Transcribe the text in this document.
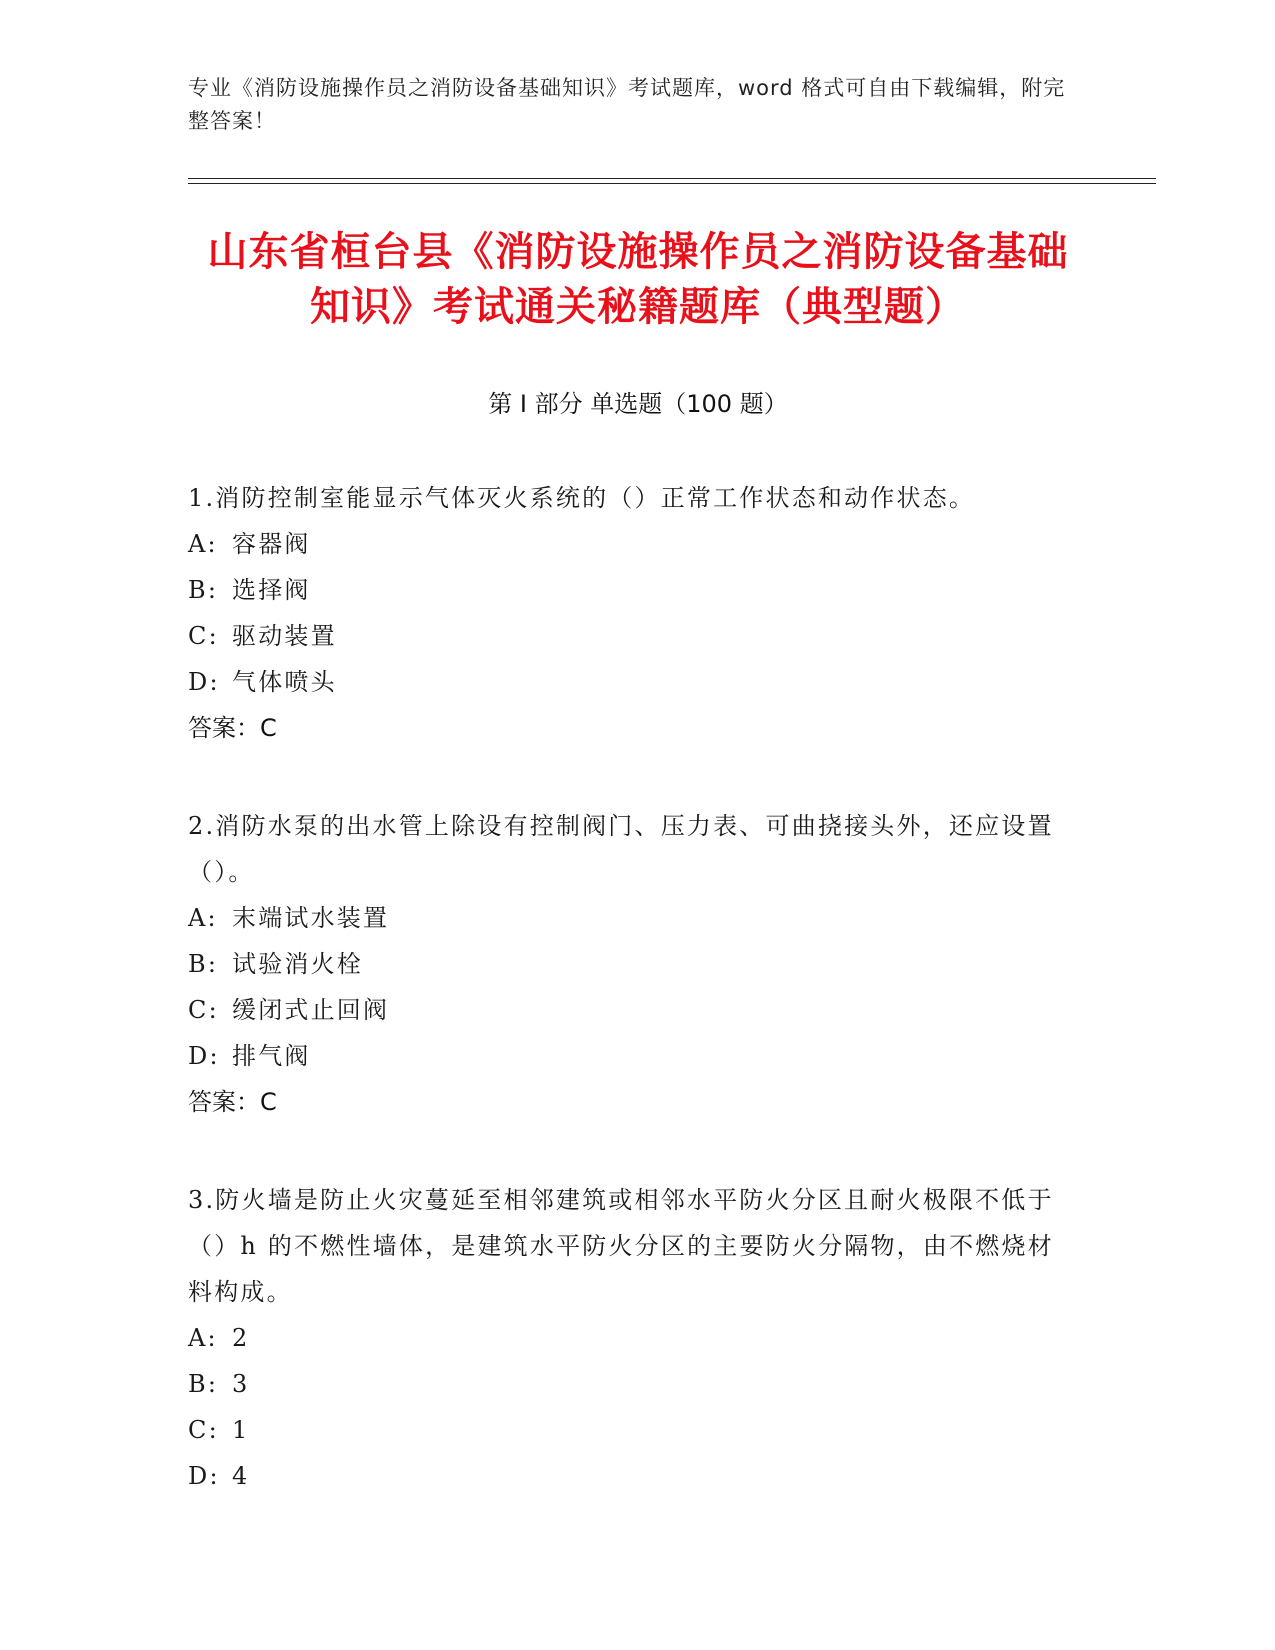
专业《消防设施操作员之消防设备基础知识》考试题库，word 格式可自由下载编辑，附完整答案！
山东省桓台县《消防设施操作员之消防设备基础知识》考试通关秘籍题库（典型题）
第 I 部分 单选题（100 题）
1.消防控制室能显示气体灭火系统的（）正常工作状态和动作状态。
A: 容器阀
B: 选择阀
C: 驱动装置
D: 气体喷头
答案：C
2.消防水泵的出水管上除设有控制阀门、压力表、可曲挠接头外，还应设置（）。
A: 末端试水装置
B: 试验消火栓
C: 缓闭式止回阀
D: 排气阀
答案：C
3.防火墙是防止火灾蔓延至相邻建筑或相邻水平防火分区且耐火极限不低于（）h 的不燃性墙体，是建筑水平防火分区的主要防火分隔物，由不燃烧材料构成。
A: 2
B: 3
C: 1
D: 4
